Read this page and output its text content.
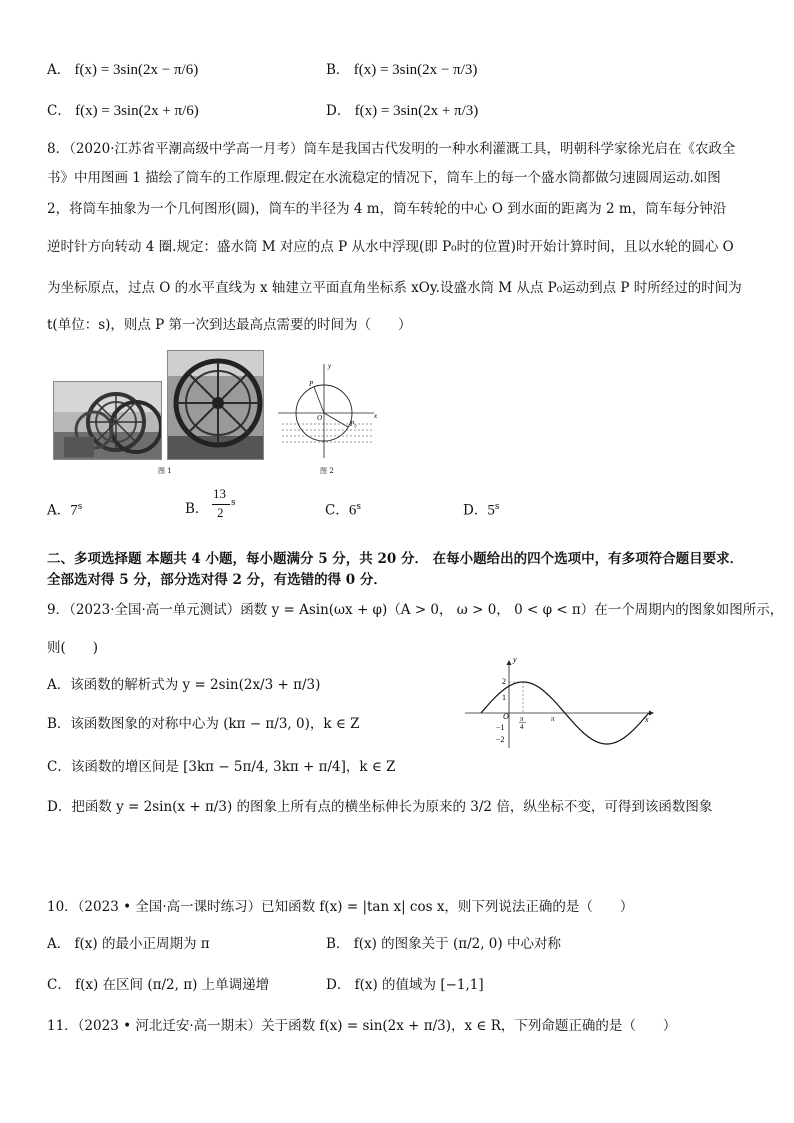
A． f(x) = 3sin(2x − π/6)	B． f(x) = 3sin(2x − π/3)
C． f(x) = 3sin(2x + π/6)	D． f(x) = 3sin(2x + π/3)
8．（2020·江苏省平潮高级中学高一月考）筒车是我国古代发明的一种水利灌溉工具，明朝科学家徐光启在《农政全
书》中用图画 1 描绘了筒车的工作原理.假定在水流稳定的情况下，筒车上的每一个盛水筒都做匀速圆周运动.如图
2，将筒车抽象为一个几何图形(圆)，筒车的半径为 4 m，筒车转轮的中心 O 到水面的距离为 2 m，筒车每分钟沿
逆时针方向转动 4 圈.规定：盛水筒 M 对应的点 P 从水中浮现(即 P₀时的位置)时开始计算时间，且以水轮的圆心 O
为坐标原点，过点 O 的水平直线为 x 轴建立平面直角坐标系 xOy.设盛水筒 M 从点 P₀运动到点 P 时所经过的时间为
t(单位：s)，则点 P 第一次到达最高点需要的时间为（　　）
图 1
y
x
O
P
P₀
图 2
A．7$^s$	B．
13
2
s	C．6$^s$	D．5$^s$
二、多项选择题 本题共 4 小题，每小题满分 5 分，共 20 分． 在每小题给出的四个选项中，有多项符合题目要求．
全部选对得 5 分，部分选对得 2 分，有选错的得 0 分．
9．（2023·全国·高一单元测试）函数 y = Asin(ωx + φ)（A > 0， ω > 0， 0 < φ < π）在一个周期内的图象如图所示，
则(　　)
A．该函数的解析式为 y = 2sin(2x/3 + π/3)
B．该函数图象的对称中心为 (kπ − π/3, 0)，k ∈ Z
C．该函数的增区间是 [3kπ − 5π/4, 3kπ + π/4]，k ∈ Z
D．把函数 y = 2sin(x + π/3) 的图象上所有点的横坐标伸长为原来的 3/2 倍，纵坐标不变，可得到该函数图象
y
x
2
1
O
−1
−2
π
4
π
10．（2023 • 全国·高一课时练习）已知函数 f(x) = |tan x| cos x，则下列说法正确的是（　　）
A． f(x) 的最小正周期为 π	B． f(x) 的图象关于 (π/2, 0) 中心对称
C． f(x) 在区间 (π/2, π) 上单调递增	D． f(x) 的值域为 [−1,1]
11．（2023 • 河北迁安·高一期末）关于函数 f(x) = sin(2x + π/3)，x ∈ R，下列命题正确的是（　　）
